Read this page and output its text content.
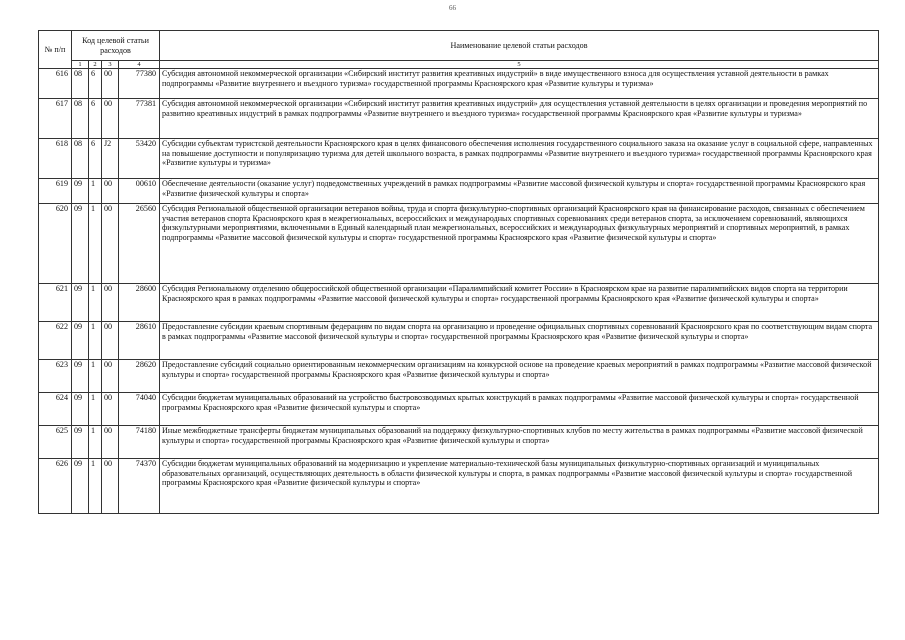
66
№ п/п	Код целевой статьи расходов				Наименование целевой статьи расходов
	1	2	3	4	5
616	08	6	00	77380	Субсидия автономной некоммерческой организации «Сибирский институт развития креативных индустрий» в виде имущественного взноса для осуществления уставной деятельности в рамках подпрограммы «Развитие внутреннего и въездного туризма» государственной программы Красноярского края «Развитие культуры и туризма»
617	08	6	00	77381	Субсидия автономной некоммерческой организации «Сибирский институт развития креативных индустрий» для осуществления уставной деятельности в целях организации и проведения мероприятий по развитию креативных индустрий в рамках подпрограммы «Развитие внутреннего и въездного туризма» государственной программы Красноярского края «Развитие культуры и туризма»
618	08	6	J2	53420	Субсидии субъектам туристской деятельности Красноярского края в целях финансового обеспечения исполнения государственного социального заказа на оказание услуг в социальной сфере, направленных на повышение доступности и популяризацию туризма для детей школьного возраста, в рамках подпрограммы «Развитие внутреннего и въездного туризма» государственной программы Красноярского края «Развитие культуры и туризма»
619	09	1	00	00610	Обеспечение деятельности (оказание услуг) подведомственных учреждений в рамках подпрограммы «Развитие массовой физической культуры и спорта» государственной программы Красноярского края «Развитие физической культуры и спорта»
620	09	1	00	26560	Субсидия Региональной общественной организации ветеранов войны, труда и спорта физкультурно-спортивных организаций Красноярского края на финансирование расходов, связанных с обеспечением участия ветеранов спорта Красноярского края в межрегиональных, всероссийских и международных спортивных соревнованиях среди ветеранов спорта, за исключением соревнований, являющихся физкультурными мероприятиями, включенными в Единый календарный план межрегиональных, всероссийских и международных физкультурных мероприятий и спортивных мероприятий, в рамках подпрограммы «Развитие массовой физической культуры и спорта» государственной программы Красноярского края «Развитие физической культуры и спорта»
621	09	1	00	28600	Субсидия Региональному отделению общероссийской общественной организации «Паралимпийский комитет России» в Красноярском крае на развитие паралимпийских видов спорта на территории Красноярского края в рамках подпрограммы «Развитие массовой физической культуры и спорта» государственной программы Красноярского края «Развитие физической культуры и спорта»
622	09	1	00	28610	Предоставление субсидии краевым спортивным федерациям по видам спорта на организацию и проведение официальных спортивных соревнований Красноярского края по соответствующим видам спорта в рамках подпрограммы «Развитие массовой физической культуры и спорта» государственной программы Красноярского края «Развитие физической культуры и спорта»
623	09	1	00	28620	Предоставление субсидий социально ориентированным некоммерческим организациям на конкурсной основе на проведение краевых мероприятий в рамках подпрограммы «Развитие массовой физической культуры и спорта» государственной программы Красноярского края «Развитие физической культуры и спорта»
624	09	1	00	74040	Субсидии бюджетам муниципальных образований на устройство быстровозводимых крытых конструкций в рамках подпрограммы «Развитие массовой физической культуры и спорта» государственной программы Красноярского края «Развитие физической культуры и спорта»
625	09	1	00	74180	Иные межбюджетные трансферты бюджетам муниципальных образований на поддержку физкультурно-спортивных клубов по месту жительства в рамках подпрограммы «Развитие массовой физической культуры и спорта» государственной программы Красноярского края «Развитие физической культуры и спорта»
626	09	1	00	74370	Субсидии бюджетам муниципальных образований на модернизацию и укрепление материально-технической базы муниципальных физкультурно-спортивных организаций и муниципальных образовательных организаций, осуществляющих деятельность в области физической культуры и спорта, в рамках подпрограммы «Развитие массовой физической культуры и спорта» государственной программы Красноярского края «Развитие физической культуры и спорта»
